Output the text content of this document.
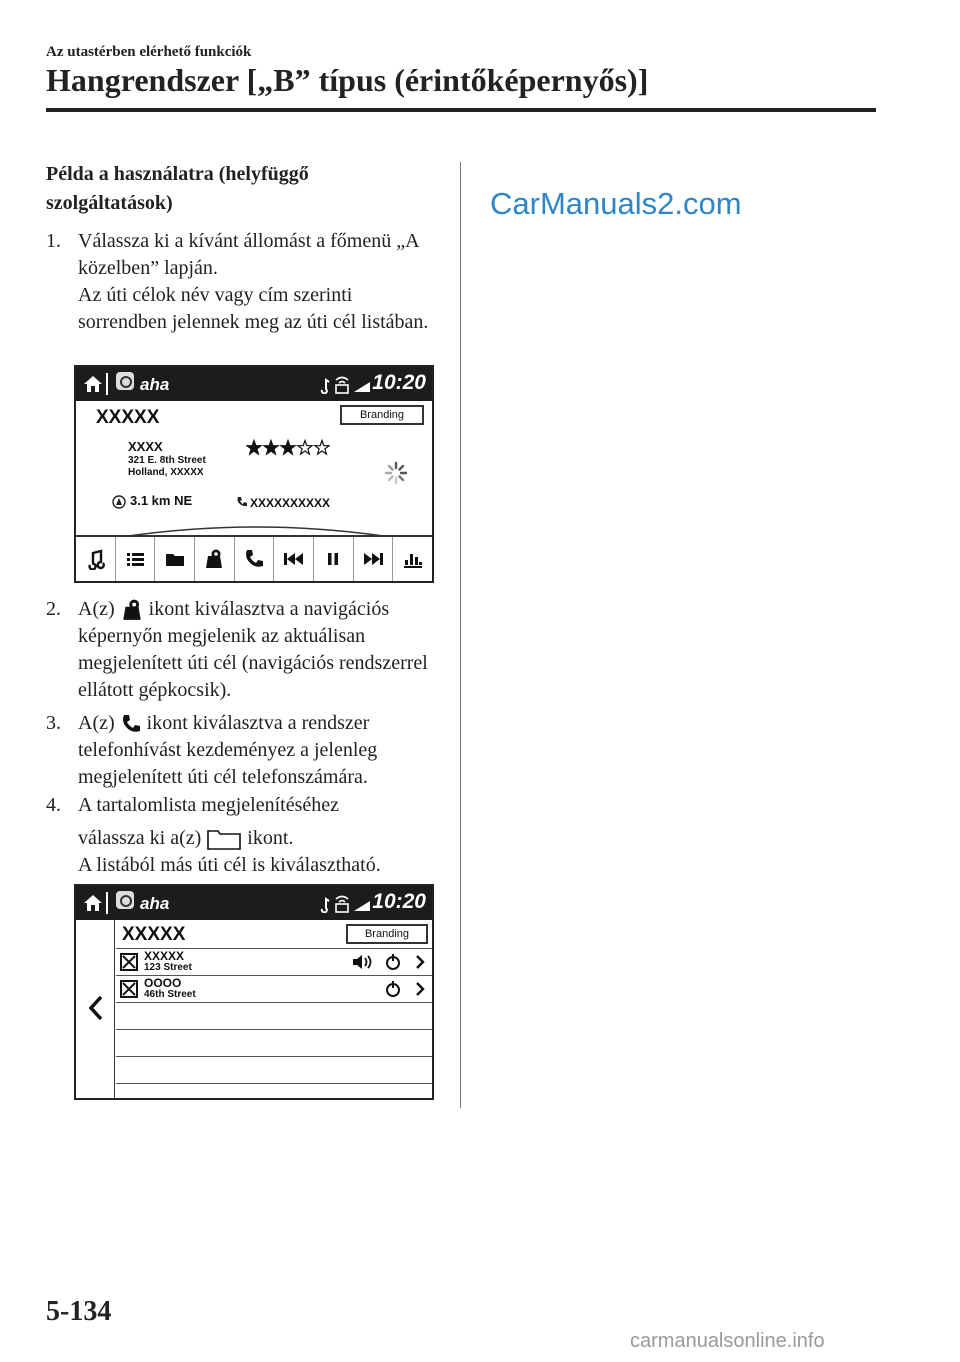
Az utastérben elérhető funkciók
Hangrendszer [„B” típus (érintőképernyős)]
CarManuals2.com
Példa a használatra (helyfüggő szolgáltatások)
1. Válassza ki a kívánt állomást a főmenü „A közelben” lapján.

Az úti célok név vagy cím szerinti sorrendben jelennek meg az úti cél listában.

aha	10:20
XXXXX	Branding
XXXX
321 E. 8th Street
Holland, XXXXX
3.1 km NE	XXXXXXXXXX
2. A(z) ikont kiválasztva a navigációs képernyőn megjelenik az aktuálisan megjelenített úti cél (navigációs rendszerrel ellátott gépkocsik).
3. A(z) ikont kiválasztva a rendszer telefonhívást kezdeményez a jelenleg megjelenített úti cél telefonszámára.
4. A tartalomlista megjelenítéséhez

válassza ki a(z) ikont.

A listából más úti cél is kiválasztható.

aha	10:20
XXXXX	Branding
XXXXX
123 Street
OOOO
46th Street
5-134
carmanualsonline.info
